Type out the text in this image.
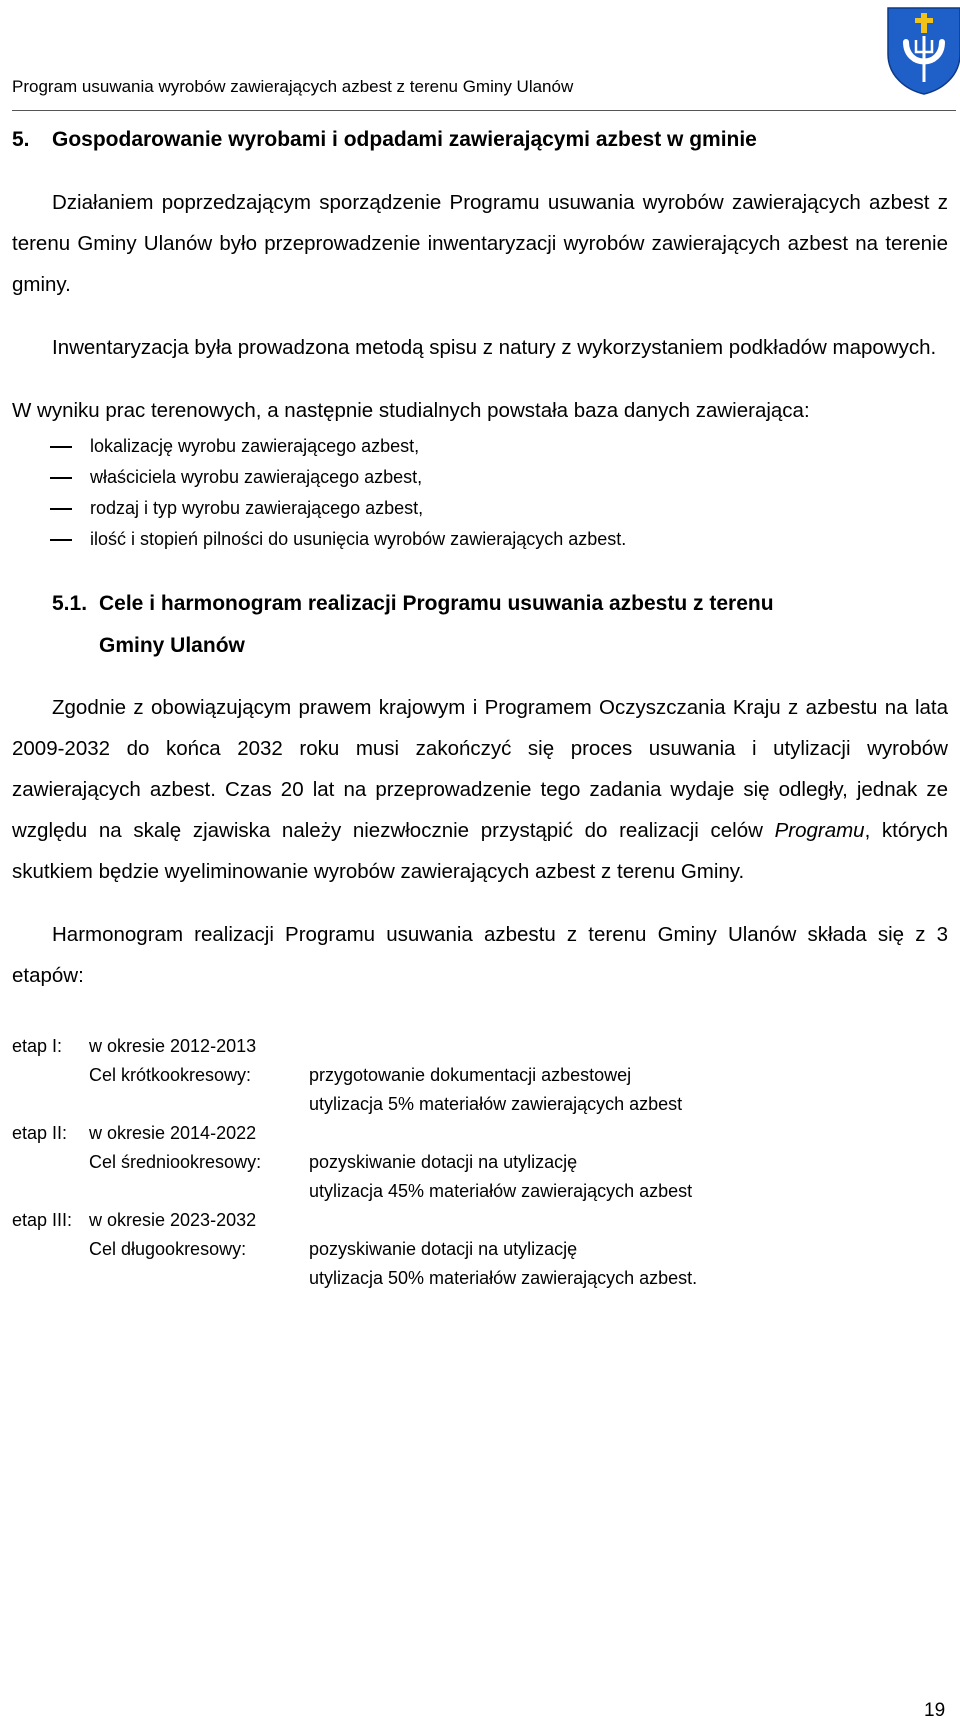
Program usuwania wyrobów zawierających azbest z terenu Gminy Ulanów
5. Gospodarowanie wyrobami i odpadami zawierającymi azbest w gminie

Działaniem poprzedzającym sporządzenie Programu usuwania wyrobów zawierających azbest z terenu Gminy Ulanów było przeprowadzenie inwentaryzacji wyrobów zawierających azbest na terenie gminy.

Inwentaryzacja była prowadzona metodą spisu z natury z wykorzystaniem podkładów mapowych.

W wyniku prac terenowych, a następnie studialnych powstała baza danych zawierająca:

lokalizację wyrobu zawierającego azbest,
właściciela wyrobu zawierającego azbest,
rodzaj i typ wyrobu zawierającego azbest,
ilość i stopień pilności do usunięcia wyrobów zawierających azbest.
5.1. Cele i harmonogram realizacji Programu usuwania azbestu z terenu
Gminy Ulanów

Zgodnie z obowiązującym prawem krajowym i Programem Oczyszczania Kraju z azbestu na lata 2009-2032 do końca 2032 roku musi zakończyć się proces usuwania i utylizacji wyrobów zawierających azbest. Czas 20 lat na przeprowadzenie tego zadania wydaje się odległy, jednak ze względu na skalę zjawiska należy niezwłocznie przystąpić do realizacji celów Programu, których skutkiem będzie wyeliminowanie wyrobów zawierających azbest z terenu Gminy.

Harmonogram realizacji Programu usuwania azbestu z terenu Gminy Ulanów składa się z 3 etapów:

etap I: w okresie 2012-2013
Cel krótkookresowy:	przygotowanie dokumentacji azbestowej
utylizacja 5% materiałów zawierających azbest
etap II: w okresie 2014-2022
Cel średniookresowy:	pozyskiwanie dotacji na utylizację
utylizacja 45% materiałów zawierających azbest
etap III: w okresie 2023-2032
Cel długookresowy:	pozyskiwanie dotacji na utylizację
utylizacja 50% materiałów zawierających azbest.
19
